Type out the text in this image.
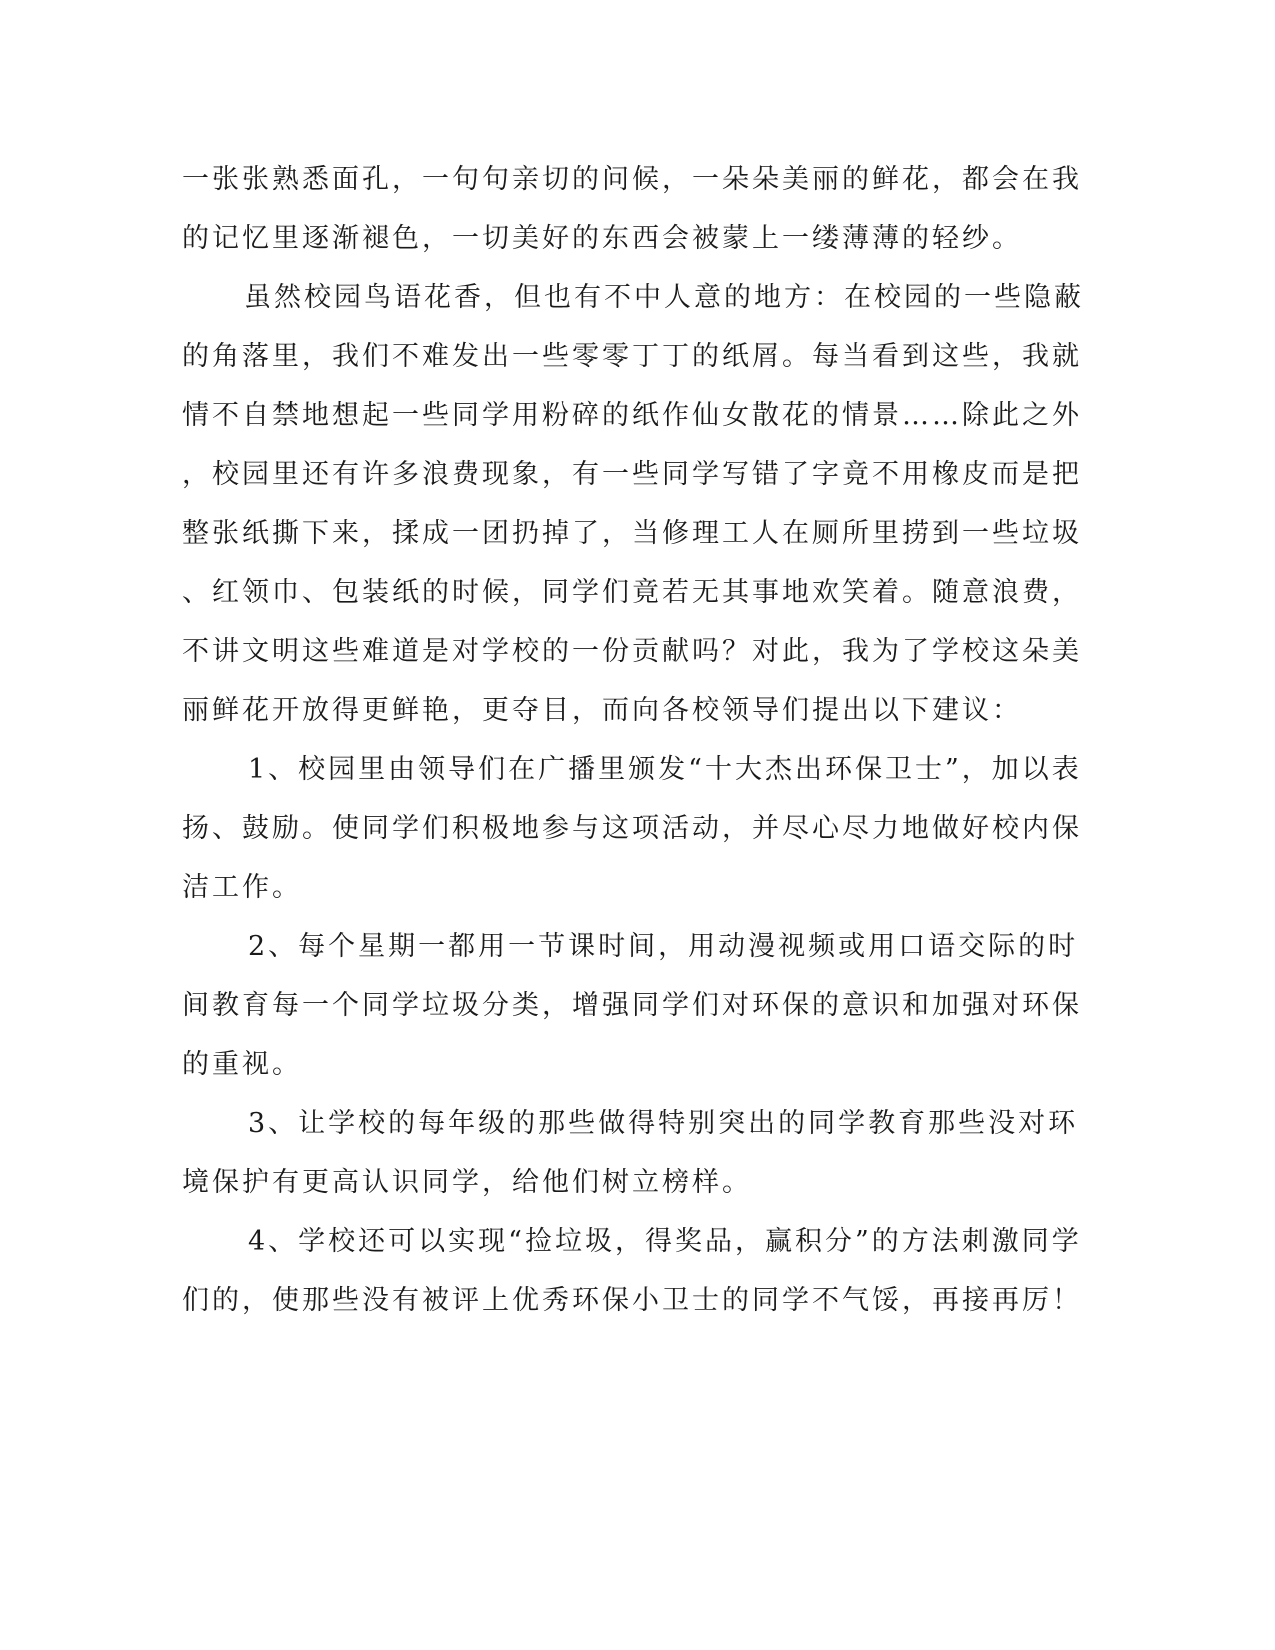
一张张熟悉面孔，一句句亲切的问候，一朵朵美丽的鲜花，都会在我
的记忆里逐渐褪色，一切美好的东西会被蒙上一缕薄薄的轻纱。
虽然校园鸟语花香，但也有不中人意的地方：在校园的一些隐蔽
的角落里，我们不难发出一些零零丁丁的纸屑。每当看到这些，我就
情不自禁地想起一些同学用粉碎的纸作仙女散花的情景……除此之外
，校园里还有许多浪费现象，有一些同学写错了字竟不用橡皮而是把
整张纸撕下来，揉成一团扔掉了，当修理工人在厕所里捞到一些垃圾
、红领巾、包装纸的时候，同学们竟若无其事地欢笑着。随意浪费，
不讲文明这些难道是对学校的一份贡献吗？对此，我为了学校这朵美
丽鲜花开放得更鲜艳，更夺目，而向各校领导们提出以下建议：
1、校园里由领导们在广播里颁发“十大杰出环保卫士”，加以表
扬、鼓励。使同学们积极地参与这项活动，并尽心尽力地做好校内保
洁工作。
2、每个星期一都用一节课时间，用动漫视频或用口语交际的时
间教育每一个同学垃圾分类，增强同学们对环保的意识和加强对环保
的重视。
3、让学校的每年级的那些做得特别突出的同学教育那些没对环
境保护有更高认识同学，给他们树立榜样。
4、学校还可以实现“捡垃圾，得奖品，赢积分”的方法刺激同学
们的，使那些没有被评上优秀环保小卫士的同学不气馁，再接再厉！
